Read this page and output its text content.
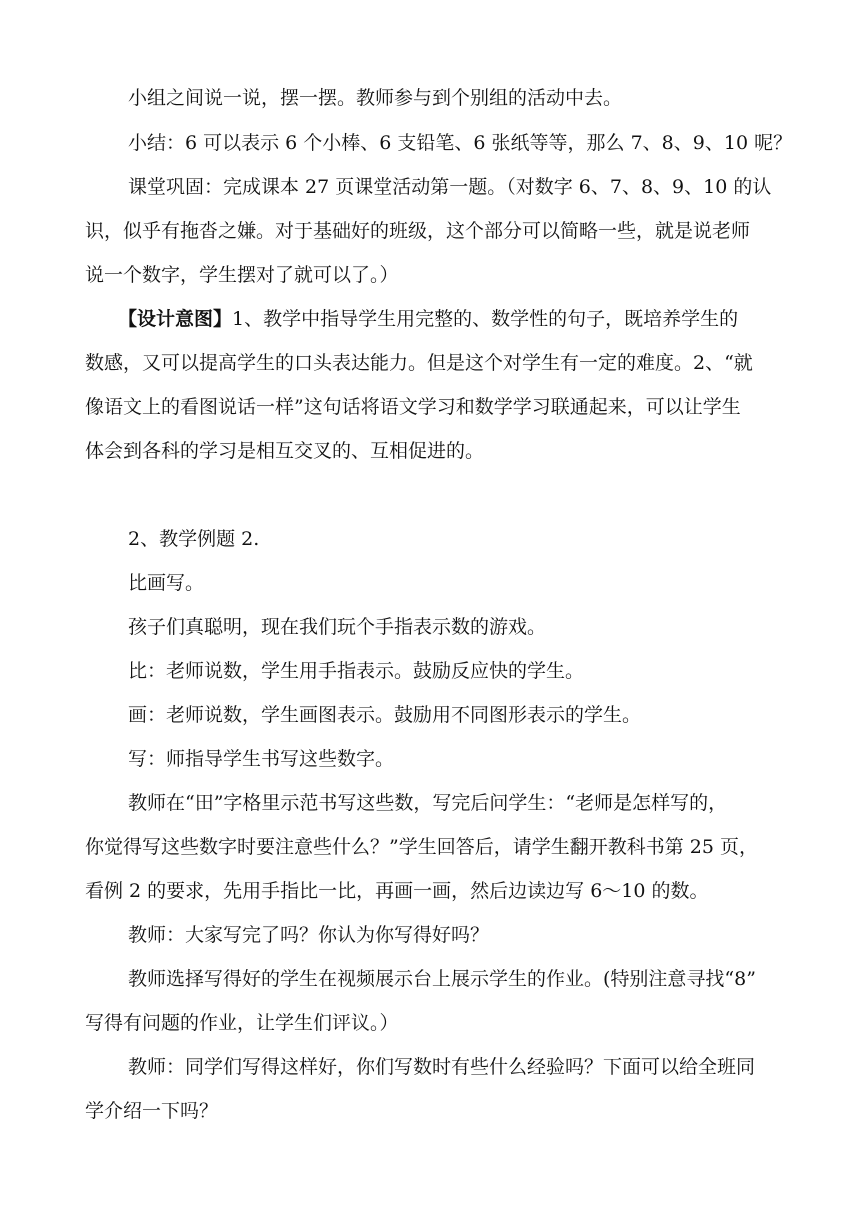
小组之间说一说，摆一摆。教师参与到个别组的活动中去。
小结：6 可以表示 6 个小棒、6 支铅笔、6 张纸等等，那么 7、8、9、10 呢？
课堂巩固：完成课本 27 页课堂活动第一题。（对数字 6、7、8、9、10 的认
识，似乎有拖沓之嫌。对于基础好的班级，这个部分可以简略一些，就是说老师
说一个数字，学生摆对了就可以了。）
【设计意图】1、教学中指导学生用完整的、数学性的句子，既培养学生的
数感，又可以提高学生的口头表达能力。但是这个对学生有一定的难度。2、“就
像语文上的看图说话一样”这句话将语文学习和数学学习联通起来，可以让学生
体会到各科的学习是相互交叉的、互相促进的。
2、教学例题 2.
比画写。
孩子们真聪明，现在我们玩个手指表示数的游戏。
比：老师说数，学生用手指表示。鼓励反应快的学生。
画：老师说数，学生画图表示。鼓励用不同图形表示的学生。
写：师指导学生书写这些数字。
教师在“田”字格里示范书写这些数，写完后问学生：“老师是怎样写的，
你觉得写这些数字时要注意些什么？”学生回答后，请学生翻开教科书第 25 页，
看例 2 的要求，先用手指比一比，再画一画，然后边读边写 6～10 的数。
教师：大家写完了吗？你认为你写得好吗？
教师选择写得好的学生在视频展示台上展示学生的作业。(特别注意寻找“8”
写得有问题的作业，让学生们评议。）
教师：同学们写得这样好，你们写数时有些什么经验吗？下面可以给全班同
学介绍一下吗？
